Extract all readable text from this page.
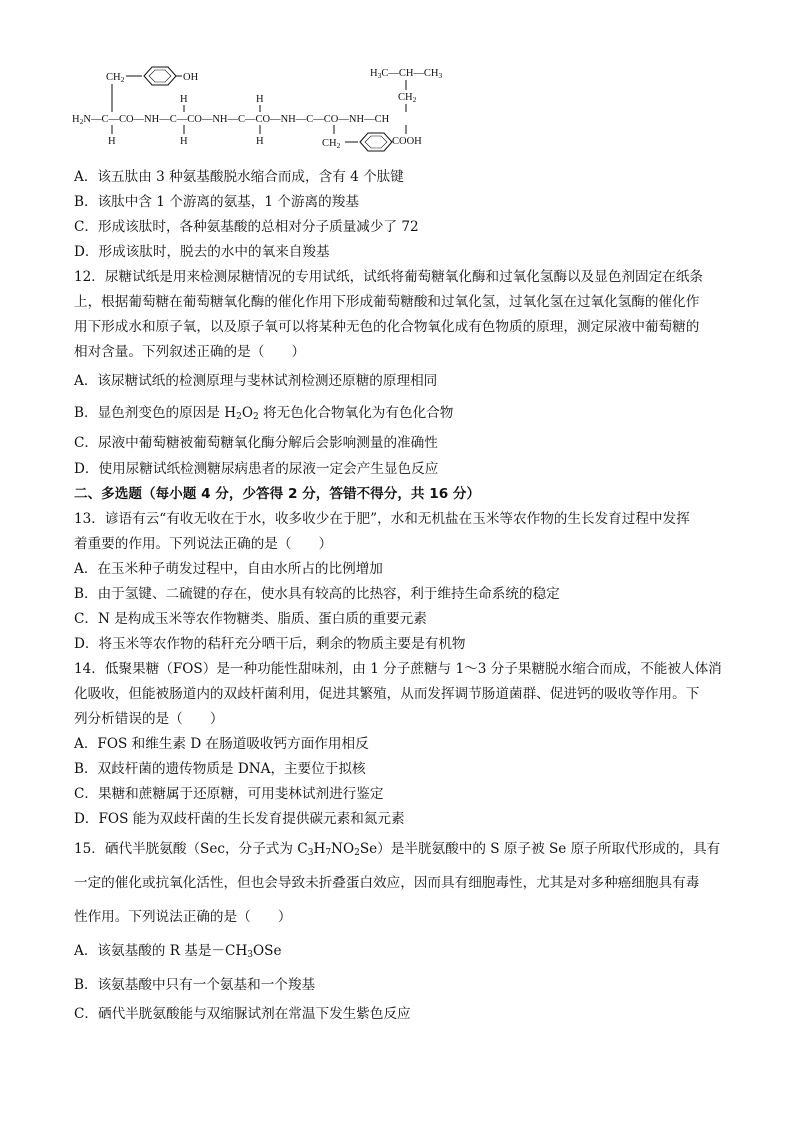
CH2	OH	H3C—CH—CH3
CH2
H	H
H2N—C—CO—NH—C—CO—NH—C—CO—NH—C—CO—NH—CH
H	H	H	CH2	COOH
A．该五肽由 3 种氨基酸脱水缩合而成，含有 4 个肽键
B．该肽中含 1 个游离的氨基，1 个游离的羧基
C．形成该肽时，各种氨基酸的总相对分子质量减少了 72
D．形成该肽时，脱去的水中的氧来自羧基
12．尿糖试纸是用来检测尿糖情况的专用试纸，试纸将葡萄糖氧化酶和过氧化氢酶以及显色剂固定在纸条
上，根据葡萄糖在葡萄糖氧化酶的催化作用下形成葡萄糖酸和过氧化氢，过氧化氢在过氧化氢酶的催化作
用下形成水和原子氧，以及原子氧可以将某种无色的化合物氧化成有色物质的原理，测定尿液中葡萄糖的
相对含量。下列叙述正确的是（　　）
A．该尿糖试纸的检测原理与斐林试剂检测还原糖的原理相同
B．显色剂变色的原因是 $H_2O_2$ 将无色化合物氧化为有色化合物
C．尿液中葡萄糖被葡萄糖氧化酶分解后会影响测量的准确性
D．使用尿糖试纸检测糖尿病患者的尿液一定会产生显色反应
二、多选题（每小题 4 分，少答得 2 分，答错不得分，共 16 分）
13．谚语有云“有收无收在于水，收多收少在于肥”，水和无机盐在玉米等农作物的生长发育过程中发挥
着重要的作用。下列说法正确的是（　　）
A．在玉米种子萌发过程中，自由水所占的比例增加
B．由于氢键、二硫键的存在，使水具有较高的比热容，利于维持生命系统的稳定
C．N 是构成玉米等农作物糖类、脂质、蛋白质的重要元素
D．将玉米等农作物的秸秆充分晒干后，剩余的物质主要是有机物
14．低聚果糖（FOS）是一种功能性甜味剂，由 1 分子蔗糖与 1～3 分子果糖脱水缩合而成，不能被人体消
化吸收，但能被肠道内的双歧杆菌利用，促进其繁殖，从而发挥调节肠道菌群、促进钙的吸收等作用。下
列分析错误的是（　　）
A．FOS 和维生素 D 在肠道吸收钙方面作用相反
B．双歧杆菌的遗传物质是 DNA，主要位于拟核
C．果糖和蔗糖属于还原糖，可用斐林试剂进行鉴定
D．FOS 能为双歧杆菌的生长发育提供碳元素和氮元素
15．硒代半胱氨酸（Sec，分子式为 $C_3H_7NO_2Se$）是半胱氨酸中的 S 原子被 Se 原子所取代形成的，具有
一定的催化或抗氧化活性，但也会导致未折叠蛋白效应，因而具有细胞毒性，尤其是对多种癌细胞具有毒
性作用。下列说法正确的是（　　）
A．该氨基酸的 R 基是$-CH_3OSe$
B．该氨基酸中只有一个氨基和一个羧基
C．硒代半胱氨酸能与双缩脲试剂在常温下发生紫色反应
